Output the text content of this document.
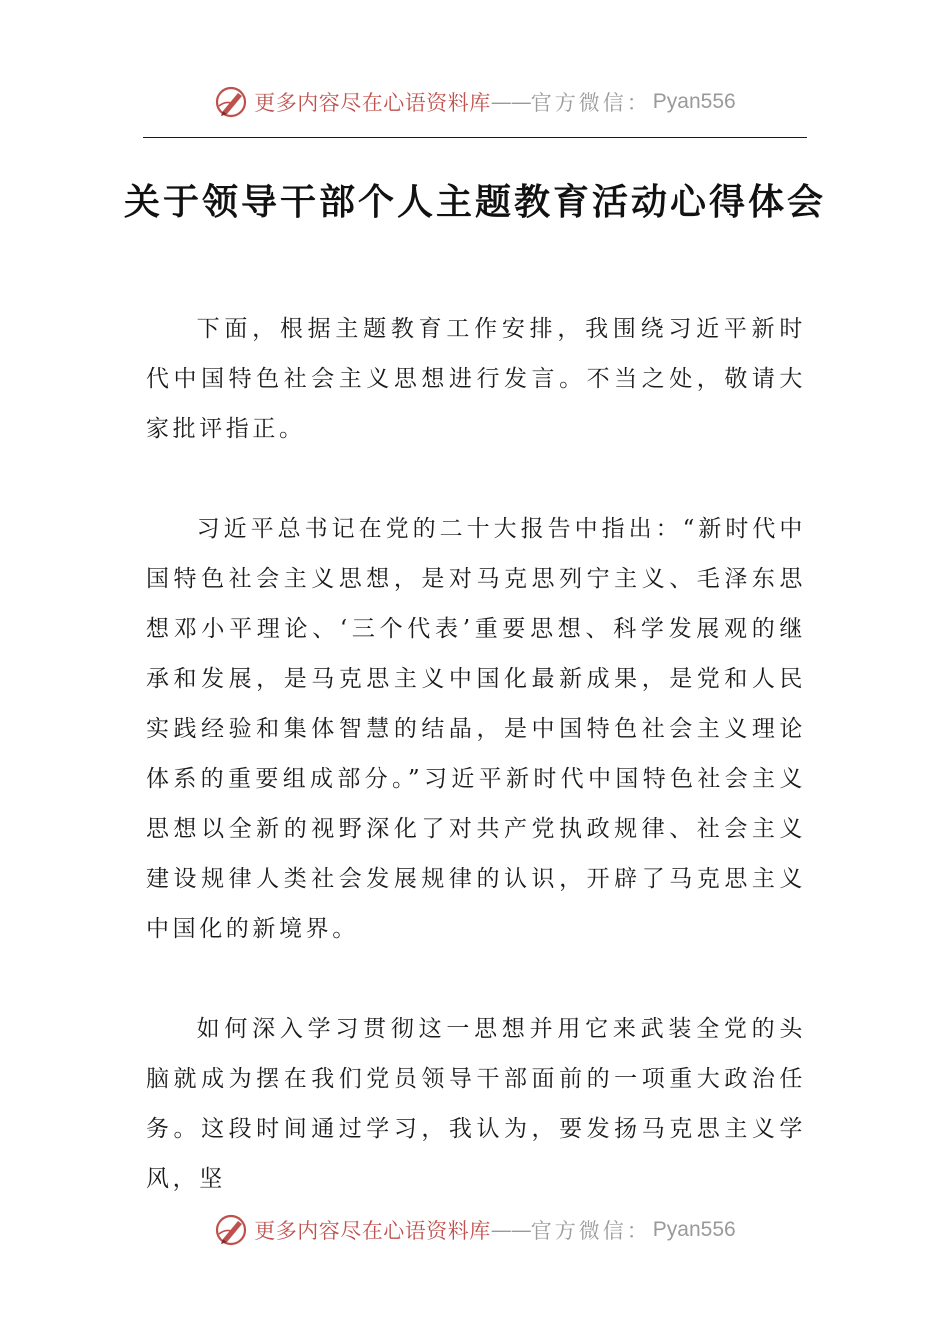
更多内容尽在心语资料库 —— 官方微信： Pyan556
关于领导干部个人主题教育活动心得体会

下面，根据主题教育工作安排，我围绕习近平新时代中国特色社会主义思想进行发言。不当之处，敬请大家批评指正。

习近平总书记在党的二十大报告中指出：“新时代中国特色社会主义思想，是对马克思列宁主义、毛泽东思想邓小平理论、‘三个代表’重要思想、科学发展观的继承和发展，是马克思主义中国化最新成果，是党和人民实践经验和集体智慧的结晶，是中国特色社会主义理论体系的重要组成部分。”习近平新时代中国特色社会主义思想以全新的视野深化了对共产党执政规律、社会主义建设规律人类社会发展规律的认识，开辟了马克思主义中国化的新境界。

如何深入学习贯彻这一思想并用它来武装全党的头脑就成为摆在我们党员领导干部面前的一项重大政治任务。这段时间通过学习，我认为，要发扬马克思主义学风，坚

更多内容尽在心语资料库 —— 官方微信： Pyan556
